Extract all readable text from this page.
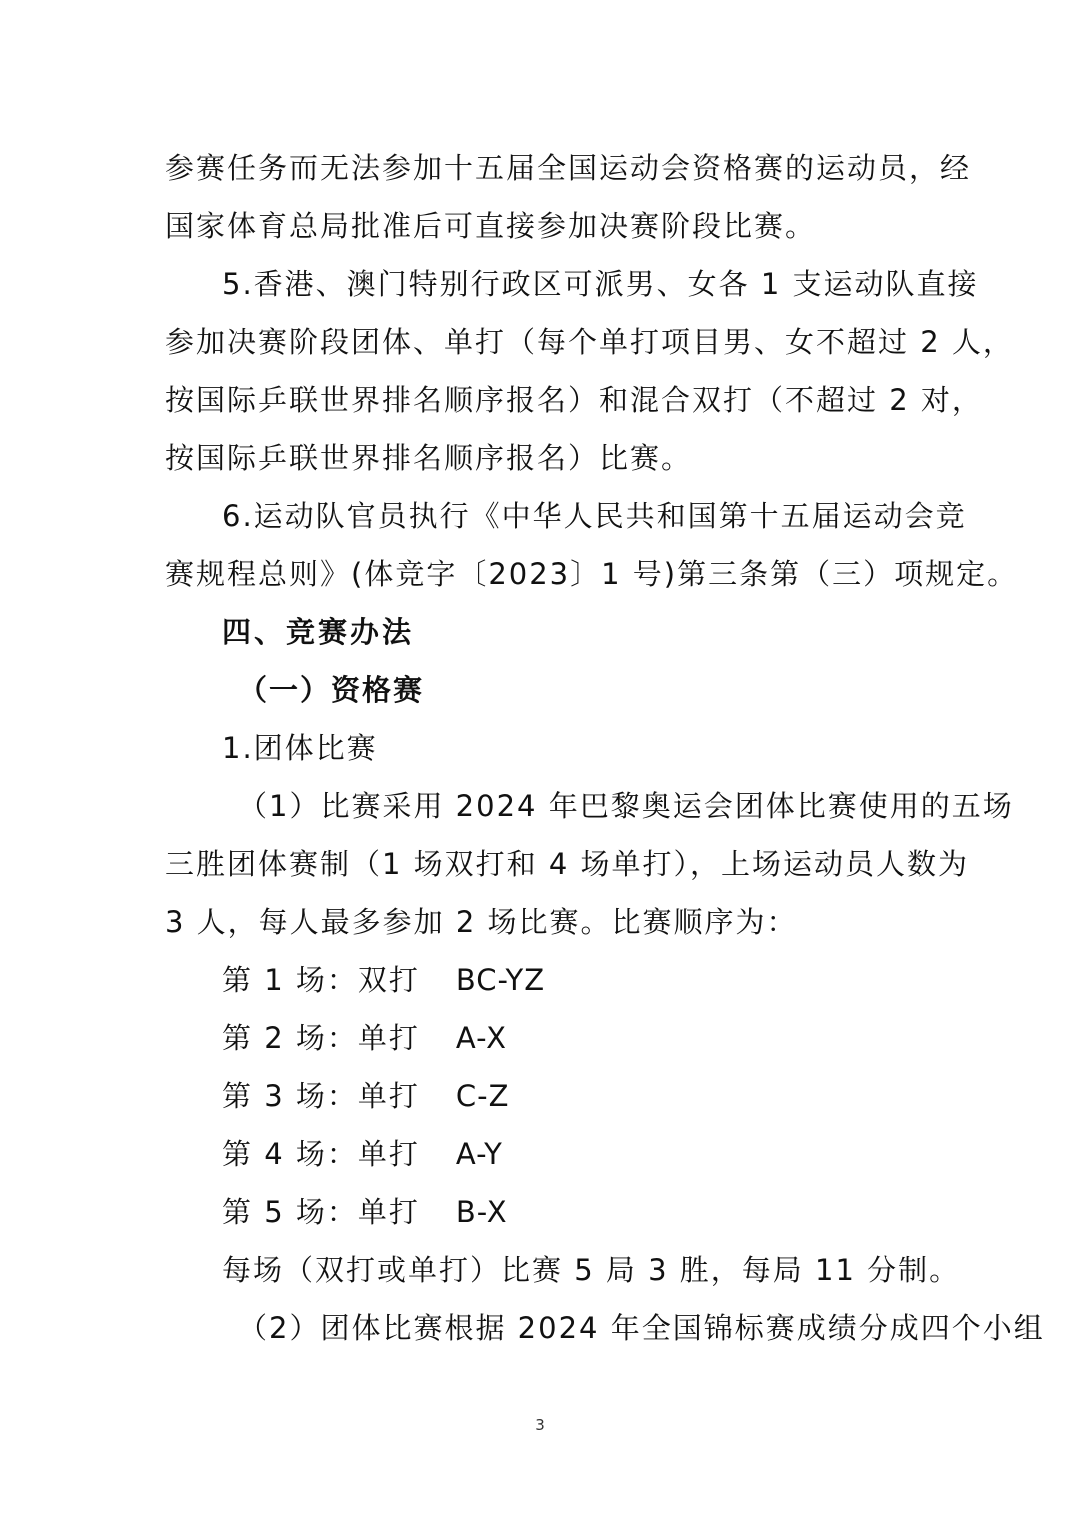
参赛任务而无法参加十五届全国运动会资格赛的运动员，经
国家体育总局批准后可直接参加决赛阶段比赛。
5.香港、澳门特别行政区可派男、女各 1 支运动队直接
参加决赛阶段团体、单打（每个单打项目男、女不超过 2 人，
按国际乒联世界排名顺序报名）和混合双打（不超过 2 对，
按国际乒联世界排名顺序报名）比赛。
6.运动队官员执行《中华人民共和国第十五届运动会竞
赛规程总则》(体竞字〔2023〕1 号)第三条第（三）项规定。
四、竞赛办法
（一）资格赛
1.团体比赛
（1）比赛采用 2024 年巴黎奥运会团体比赛使用的五场
三胜团体赛制（1 场双打和 4 场单打），上场运动员人数为
3 人，每人最多参加 2 场比赛。比赛顺序为：
第 1 场：双打 BC-YZ
第 2 场：单打 A-X
第 3 场：单打 C-Z
第 4 场：单打 A-Y
第 5 场：单打 B-X
每场（双打或单打）比赛 5 局 3 胜，每局 11 分制。
（2）团体比赛根据 2024 年全国锦标赛成绩分成四个小组
3
